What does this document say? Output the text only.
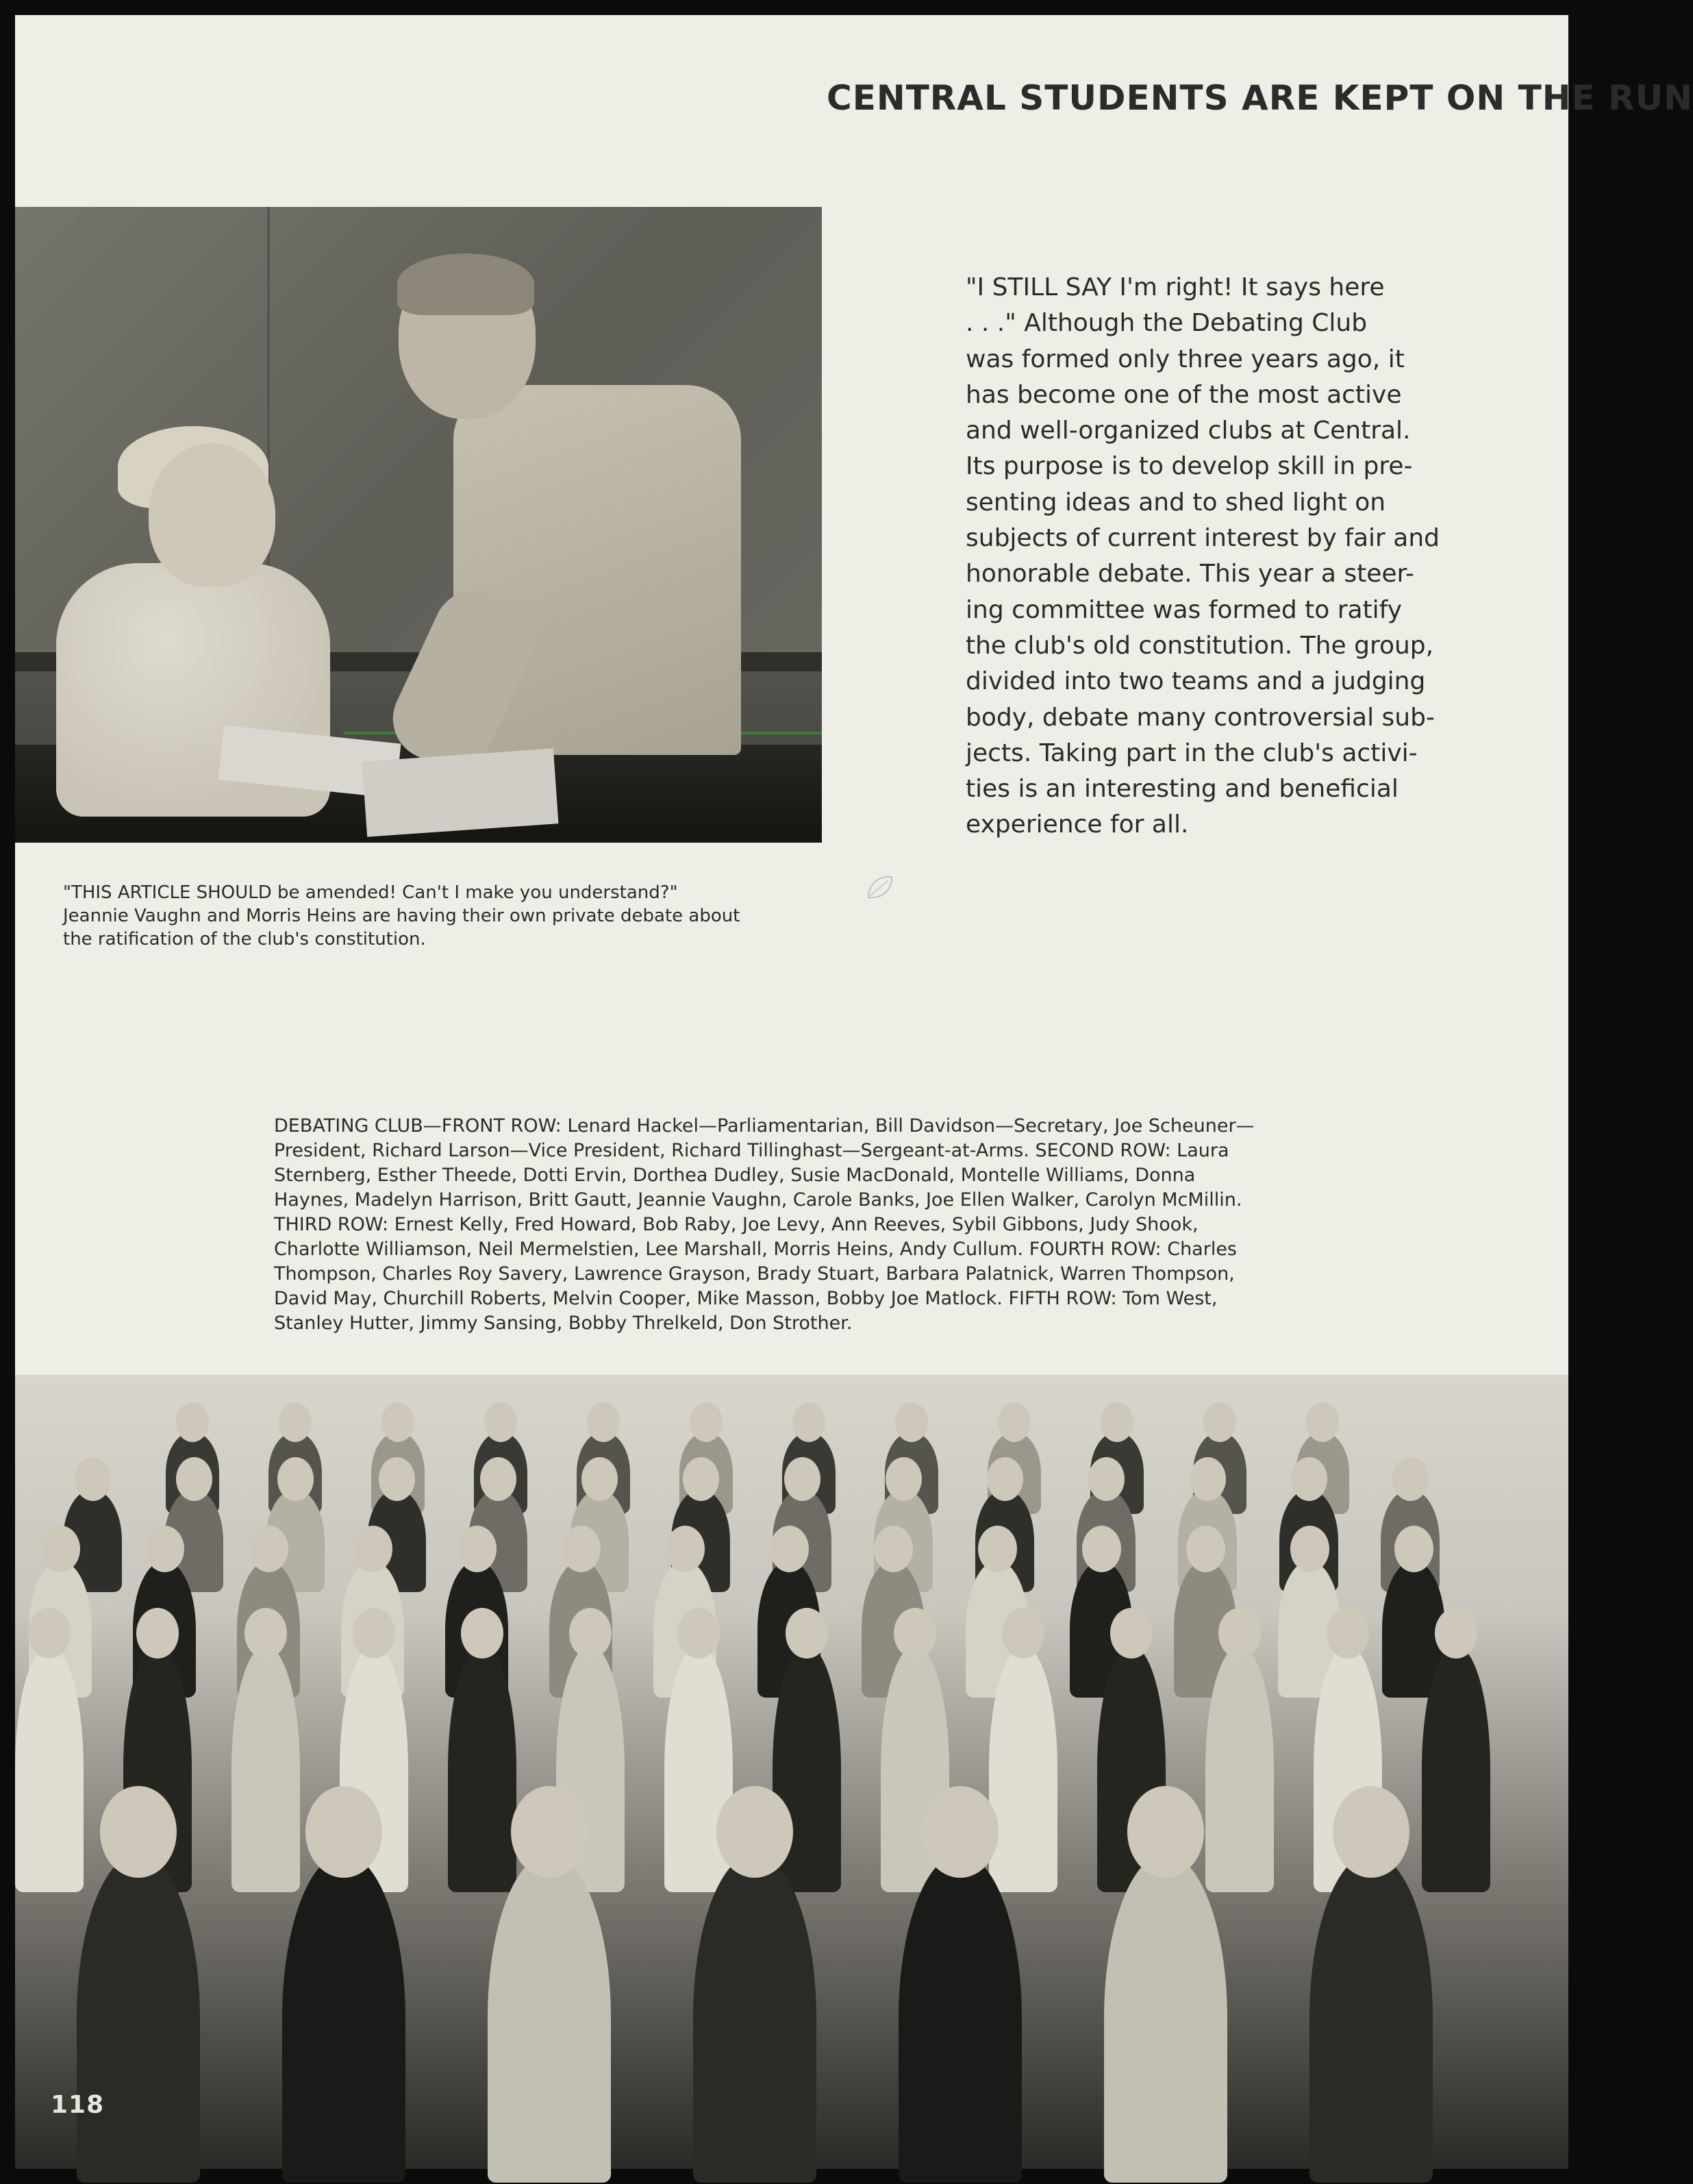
CENTRAL STUDENTS ARE KEPT ON THE RUN
"THIS ARTICLE SHOULD be amended! Can't I make you understand?"
Jeannie Vaughn and Morris Heins are having their own private debate about
the ratification of the club's constitution.
"I STILL SAY I'm right! It says here
. . ." Although the Debating Club
was formed only three years ago, it
has become one of the most active
and well-organized clubs at Central.
Its purpose is to develop skill in pre-
senting ideas and to shed light on
subjects of current interest by fair and
honorable debate. This year a steer-
ing committee was formed to ratify
the club's old constitution. The group,
divided into two teams and a judging
body, debate many controversial sub-
jects. Taking part in the club's activi-
ties is an interesting and beneficial
experience for all.
DEBATING CLUB—FRONT ROW: Lenard Hackel—Parliamentarian, Bill Davidson—Secretary, Joe Scheuner—
President, Richard Larson—Vice President, Richard Tillinghast—Sergeant-at-Arms. SECOND ROW: Laura
Sternberg, Esther Theede, Dotti Ervin, Dorthea Dudley, Susie MacDonald, Montelle Williams, Donna
Haynes, Madelyn Harrison, Britt Gautt, Jeannie Vaughn, Carole Banks, Joe Ellen Walker, Carolyn McMillin.
THIRD ROW: Ernest Kelly, Fred Howard, Bob Raby, Joe Levy, Ann Reeves, Sybil Gibbons, Judy Shook,
Charlotte Williamson, Neil Mermelstien, Lee Marshall, Morris Heins, Andy Cullum. FOURTH ROW: Charles
Thompson, Charles Roy Savery, Lawrence Grayson, Brady Stuart, Barbara Palatnick, Warren Thompson,
David May, Churchill Roberts, Melvin Cooper, Mike Masson, Bobby Joe Matlock. FIFTH ROW: Tom West,
Stanley Hutter, Jimmy Sansing, Bobby Threlkeld, Don Strother.
118
